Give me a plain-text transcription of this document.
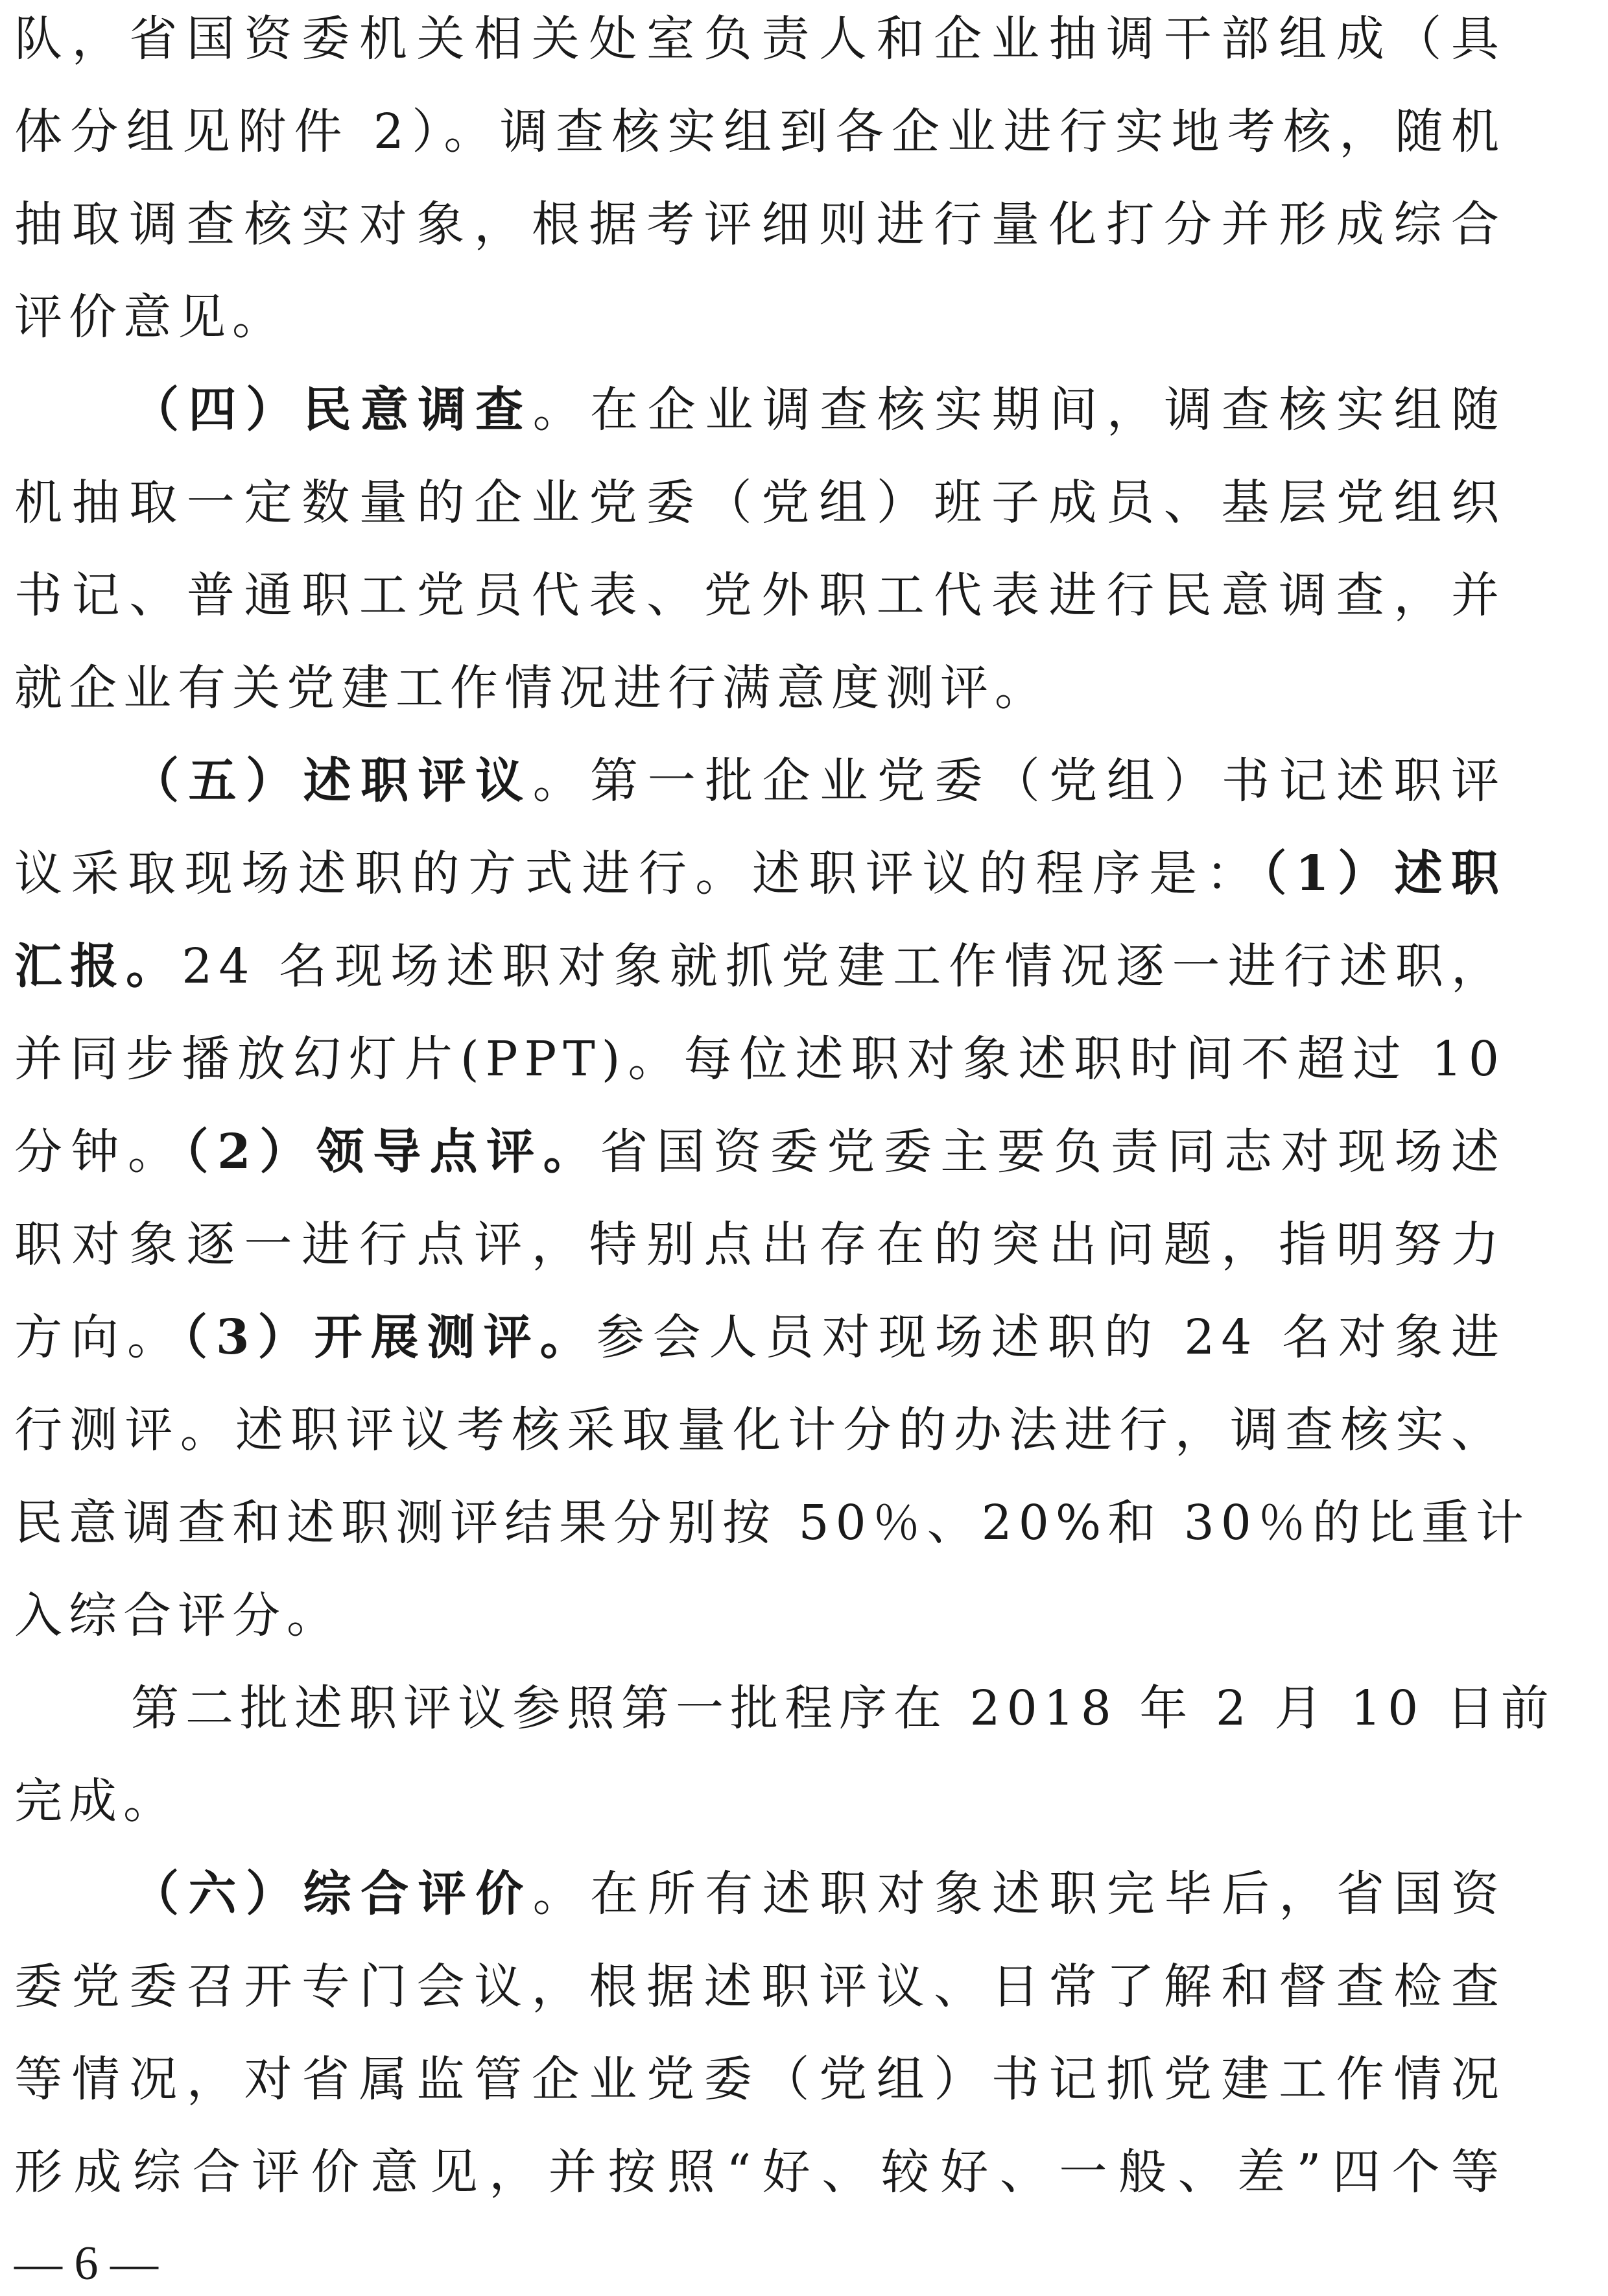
队，省国资委机关相关处室负责人和企业抽调干部组成（具
体分组见附件 2）。调查核实组到各企业进行实地考核，随机
抽取调查核实对象，根据考评细则进行量化打分并形成综合
评价意见。
（四）民意调查。在企业调查核实期间，调查核实组随
机抽取一定数量的企业党委（党组）班子成员、基层党组织
书记、普通职工党员代表、党外职工代表进行民意调查，并
就企业有关党建工作情况进行满意度测评。
（五）述职评议。第一批企业党委（党组）书记述职评
议采取现场述职的方式进行。述职评议的程序是：（1）述职
汇报。24 名现场述职对象就抓党建工作情况逐一进行述职，
并同步播放幻灯片(PPT)。每位述职对象述职时间不超过 10
分钟。（2）领导点评。省国资委党委主要负责同志对现场述
职对象逐一进行点评，特别点出存在的突出问题，指明努力
方向。（3）开展测评。参会人员对现场述职的 24 名对象进
行测评。述职评议考核采取量化计分的办法进行，调查核实、
民意调查和述职测评结果分别按 50％、20%和 30％的比重计
入综合评分。
第二批述职评议参照第一批程序在 2018 年 2 月 10 日前
完成。
（六）综合评价。在所有述职对象述职完毕后，省国资
委党委召开专门会议，根据述职评议、日常了解和督查检查
等情况，对省属监管企业党委（党组）书记抓党建工作情况
形成综合评价意见，并按照“好、较好、一般、差”四个等
— 6 —
